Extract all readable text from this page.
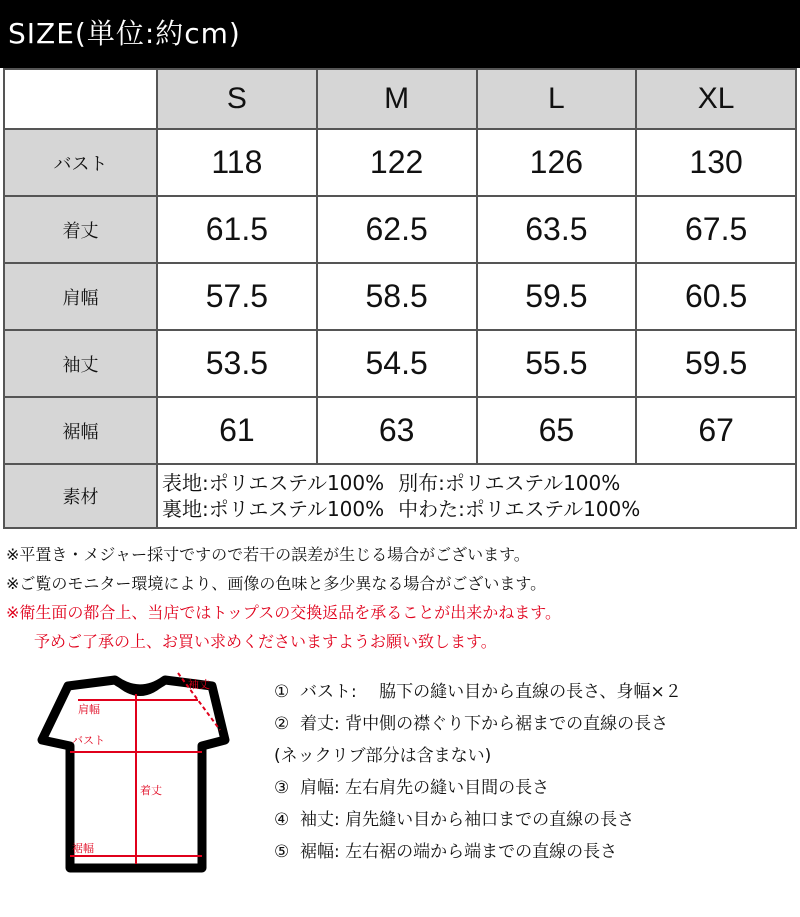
SIZE(単位:約cm)
	S	M	L	XL
バスト	118	122	126	130
着丈	61.5	62.5	63.5	67.5
肩幅	57.5	58.5	59.5	60.5
袖丈	53.5	54.5	55.5	59.5
裾幅	61	63	65	67
素材	表地:ポリエステル100% 別布:ポリエステル100%
裏地:ポリエステル100% 中わた:ポリエステル100%			
※平置き・メジャー採寸ですので若干の誤差が生じる場合がございます。
※ご覧のモニター環境により、画像の色味と多少異なる場合がございます。
※衛生面の都合上、当店ではトップスの交換返品を承ることが出来かねます。
予めご了承の上、お買い求めくださいますようお願い致します。
袖丈
肩幅
バスト
着丈
裾幅
① バスト:　 脇下の縫い目から直線の長さ、身幅×２
② 着丈: 背中側の襟ぐり下から裾までの直線の長さ
(ネックリブ部分は含まない)
③ 肩幅: 左右肩先の縫い目間の長さ
④ 袖丈: 肩先縫い目から袖口までの直線の長さ
⑤ 裾幅: 左右裾の端から端までの直線の長さ
